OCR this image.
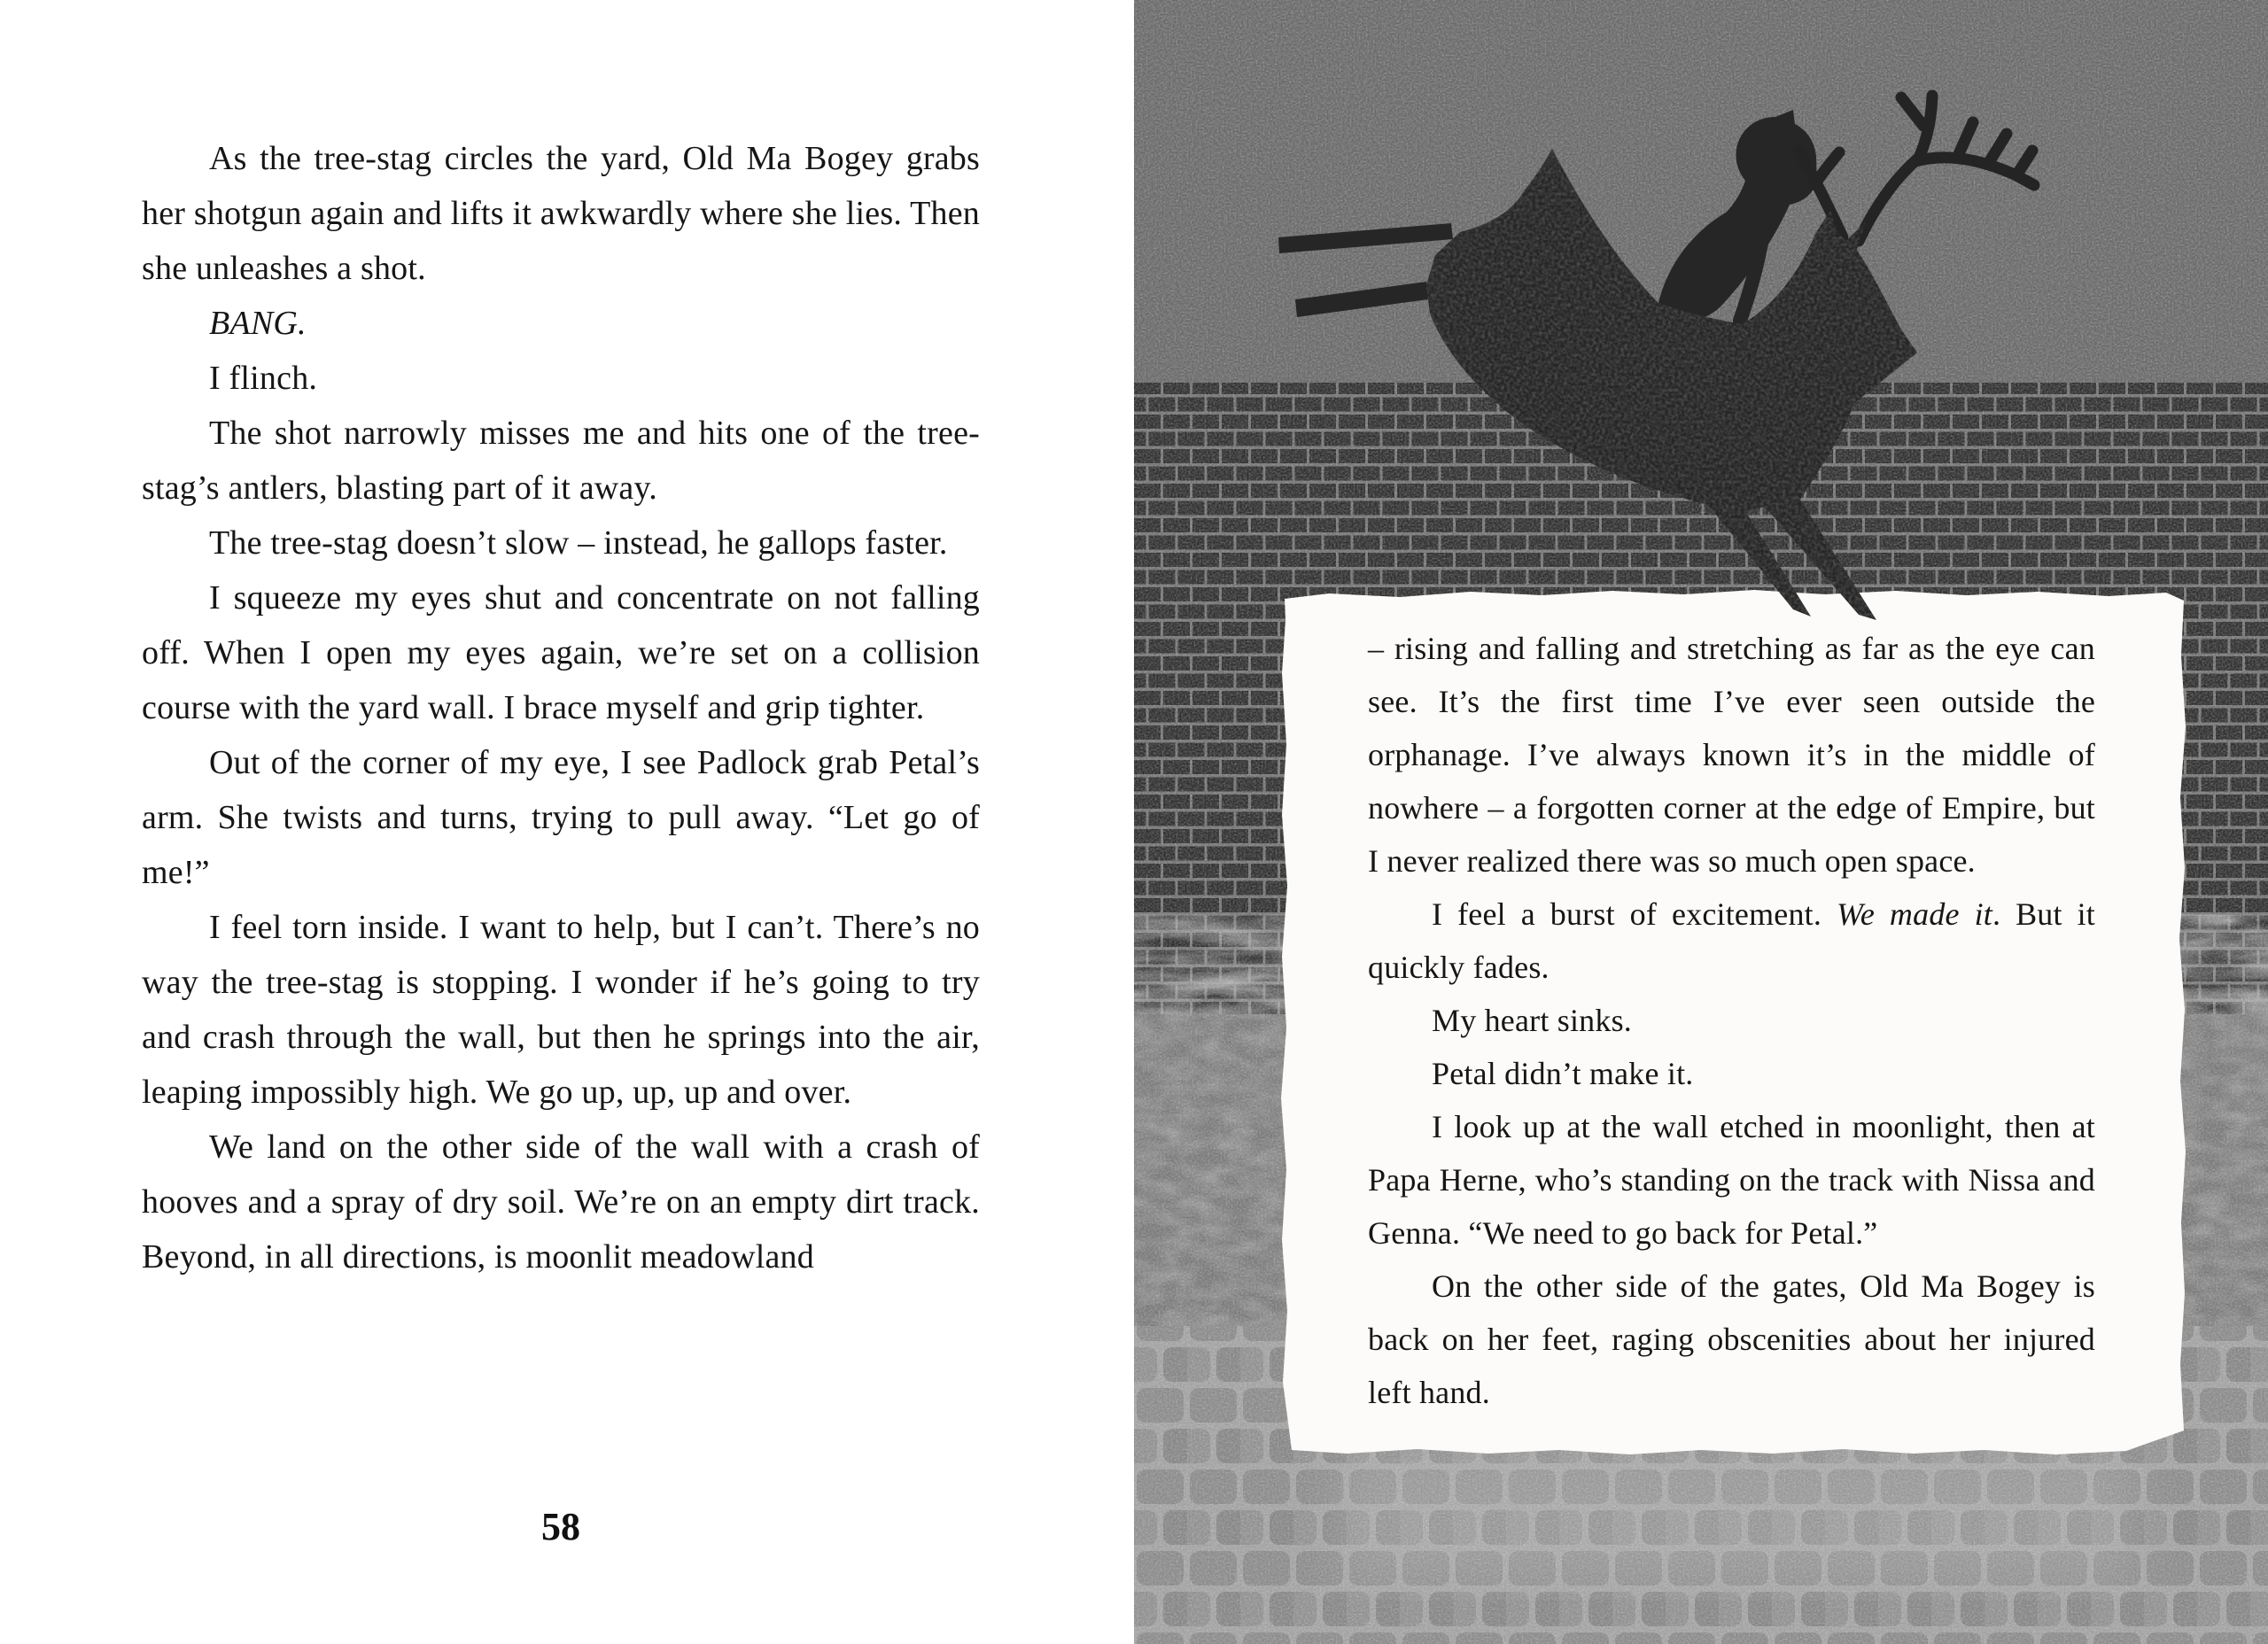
As the tree-stag circles the yard, Old Ma Bogey grabs her shotgun again and lifts it awkwardly where she lies. Then she unleashes a shot.

BANG.

I flinch.

The shot narrowly misses me and hits one of the tree-stag’s antlers, blasting part of it away.

The tree-stag doesn’t slow – instead, he gallops faster.

I squeeze my eyes shut and concentrate on not falling off. When I open my eyes again, we’re set on a collision course with the yard wall. I brace myself and grip tighter.

Out of the corner of my eye, I see Padlock grab Petal’s arm. She twists and turns, trying to pull away. “Let go of me!”

I feel torn inside. I want to help, but I can’t. There’s no way the tree-stag is stopping. I wonder if he’s going to try and crash through the wall, but then he springs into the air, leaping impossibly high. We go up, up, up and over.

We land on the other side of the wall with a crash of hooves and a spray of dry soil. We’re on an empty dirt track. Beyond, in all directions, is moonlit meadowland

58

– rising and falling and stretching as far as the eye can see. It’s the first time I’ve ever seen outside the orphanage. I’ve always known it’s in the middle of nowhere – a forgotten corner at the edge of Empire, but I never realized there was so much open space.

I feel a burst of excitement. We made it. But it quickly fades.

My heart sinks.

Petal didn’t make it.

I look up at the wall etched in moonlight, then at Papa Herne, who’s standing on the track with Nissa and Genna. “We need to go back for Petal.”

On the other side of the gates, Old Ma Bogey is back on her feet, raging obscenities about her injured left hand.
